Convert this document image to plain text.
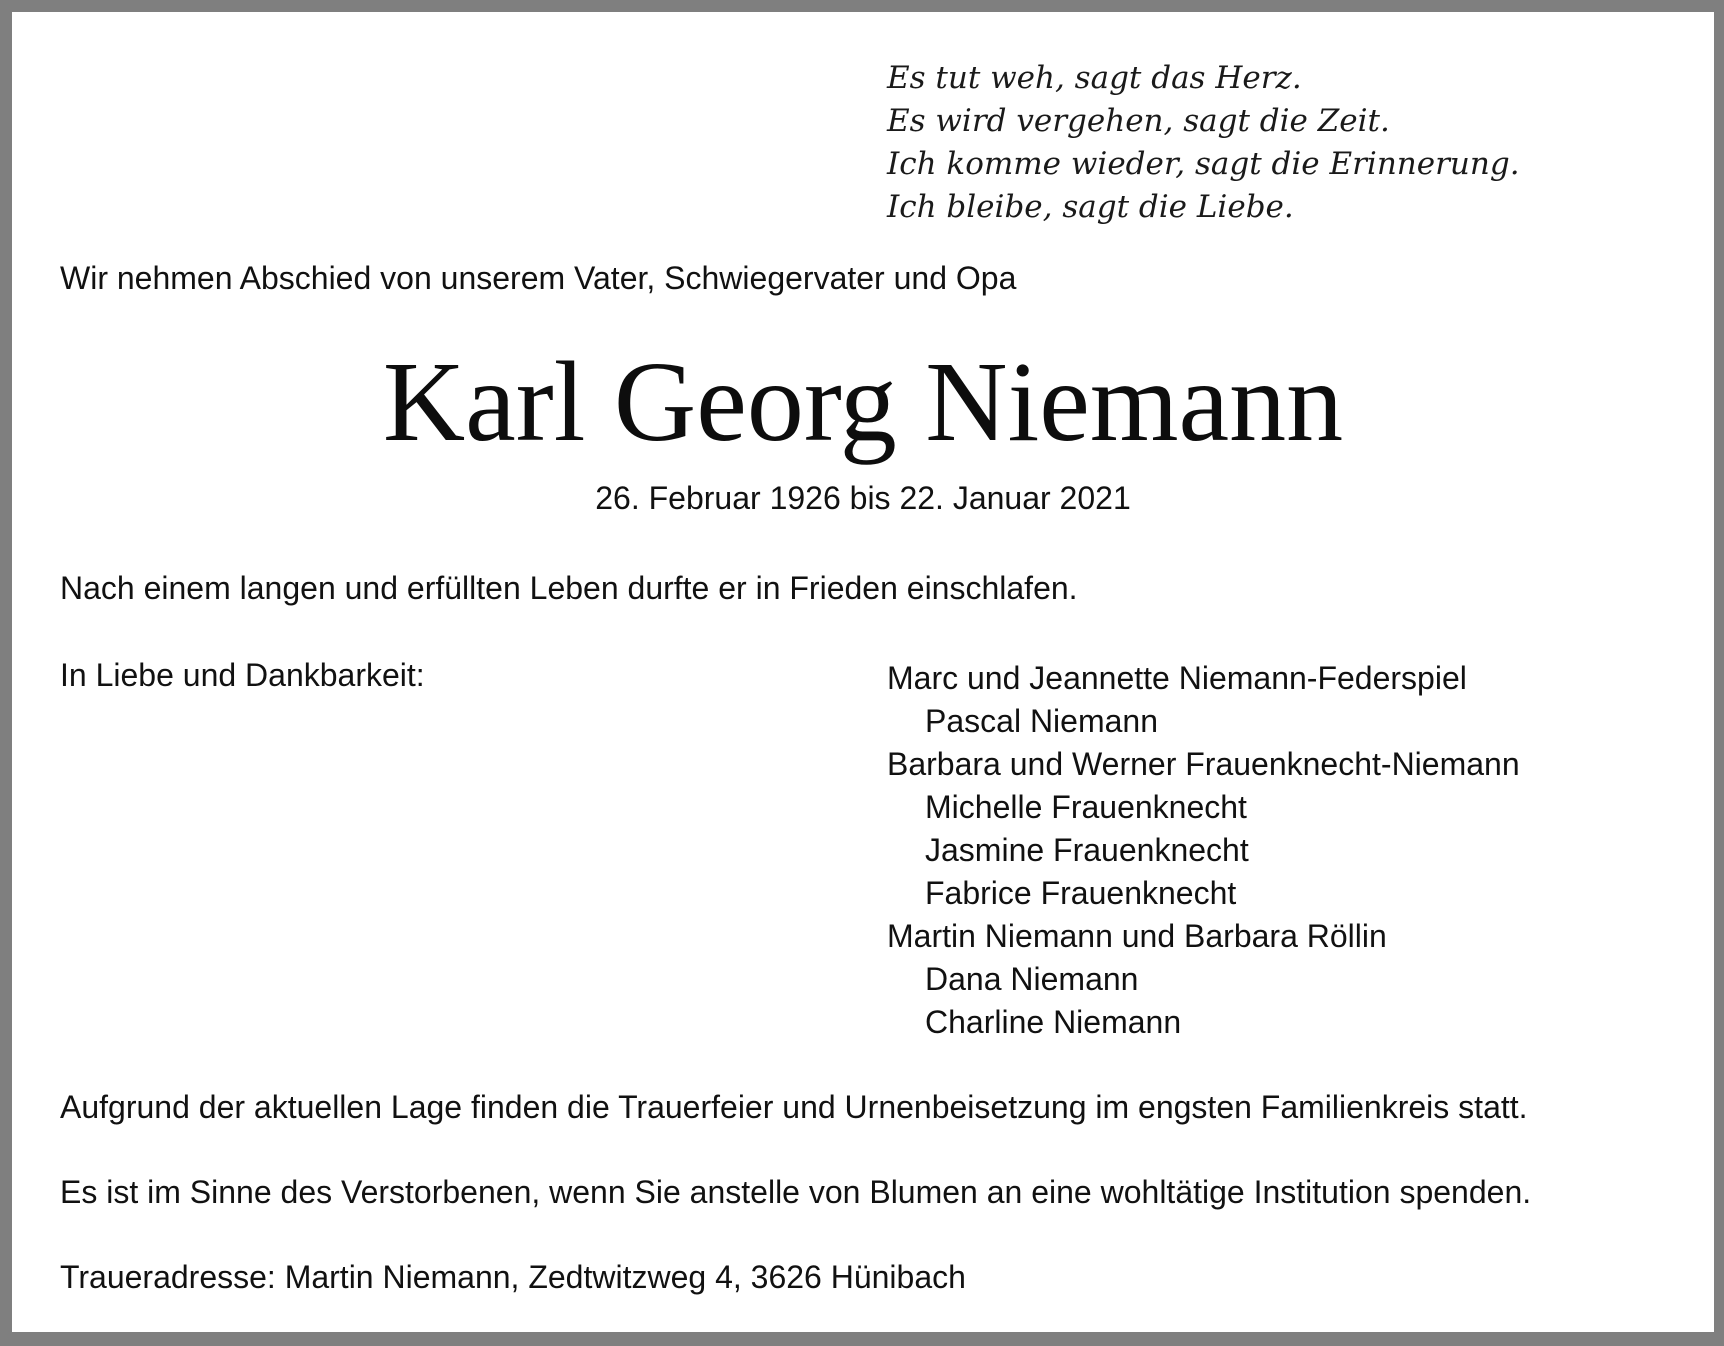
Es tut weh, sagt das Herz.
Es wird vergehen, sagt die Zeit.
Ich komme wieder, sagt die Erinnerung.
Ich bleibe, sagt die Liebe.
Wir nehmen Abschied von unserem Vater, Schwiegervater und Opa
Karl Georg Niemann
26. Februar 1926 bis 22. Januar 2021
Nach einem langen und erfüllten Leben durfte er in Frieden einschlafen.
In Liebe und Dankbarkeit:	Marc und Jeannette Niemann-Federspiel
Pascal Niemann
Barbara und Werner Frauenknecht-Niemann
Michelle Frauenknecht
Jasmine Frauenknecht
Fabrice Frauenknecht
Martin Niemann und Barbara Röllin
Dana Niemann
Charline Niemann
Aufgrund der aktuellen Lage finden die Trauerfeier und Urnenbeisetzung im engsten Familienkreis statt.
Es ist im Sinne des Verstorbenen, wenn Sie anstelle von Blumen an eine wohltätige Institution spenden.
Traueradresse: Martin Niemann, Zedtwitzweg 4, 3626 Hünibach
